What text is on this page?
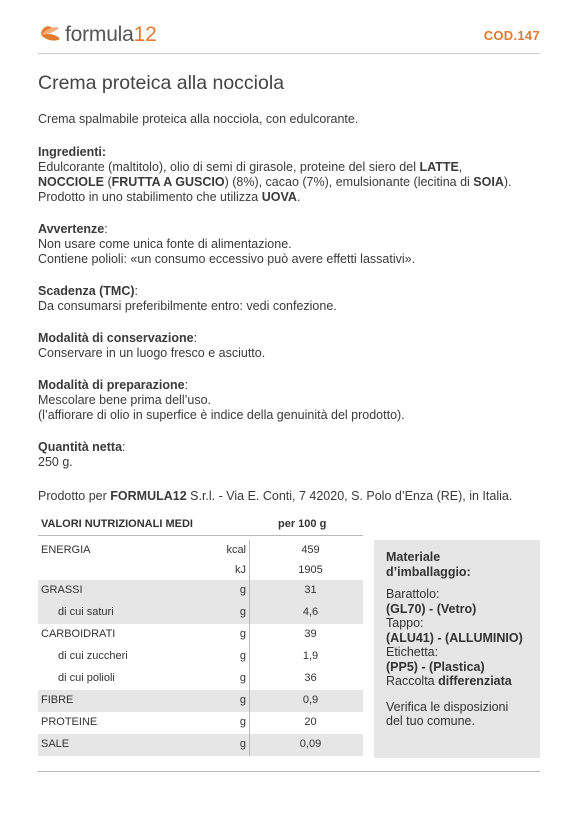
formula12	COD.147
Crema proteica alla nocciola

Crema spalmabile proteica alla nocciola, con edulcorante.

Ingredienti:

Edulcorante (maltitolo), olio di semi di girasole, proteine del siero del LATTE,

NOCCIOLE (FRUTTA A GUSCIO) (8%), cacao (7%), emulsionante (lecitina di SOIA).

Prodotto in uno stabilimento che utilizza UOVA.

Avvertenze:

Non usare come unica fonte di alimentazione.

Contiene polioli: «un consumo eccessivo può avere effetti lassativi».

Scadenza (TMC):

Da consumarsi preferibilmente entro: vedi confezione.

Modalità di conservazione:

Conservare in un luogo fresco e asciutto.

Modalità di preparazione:

Mescolare bene prima dell’uso.

(l’affiorare di olio in superfice è indice della genuinità del prodotto).

Quantità netta:

250 g.

Prodotto per FORMULA12 S.r.l. - Via E. Conti, 7 42020, S. Polo d’Enza (RE), in Italia.

VALORI NUTRIZIONALI MEDI	per 100 g
ENERGIA	kcal	459
kJ	1905
GRASSI	g	31
di cui saturi	g	4,6
CARBOIDRATI	g	39
di cui zuccheri	g	1,9
di cui polioli	g	36
FIBRE	g	0,9
PROTEINE	g	20
SALE	g	0,09

Materiale
d’imballaggio:

Barattolo:

(GL70) - (Vetro)

Tappo:

(ALU41) - (ALLUMINIO)

Etichetta:

(PP5) - (Plastica)

Raccolta differenziata

Verifica le disposizioni

del tuo comune.
